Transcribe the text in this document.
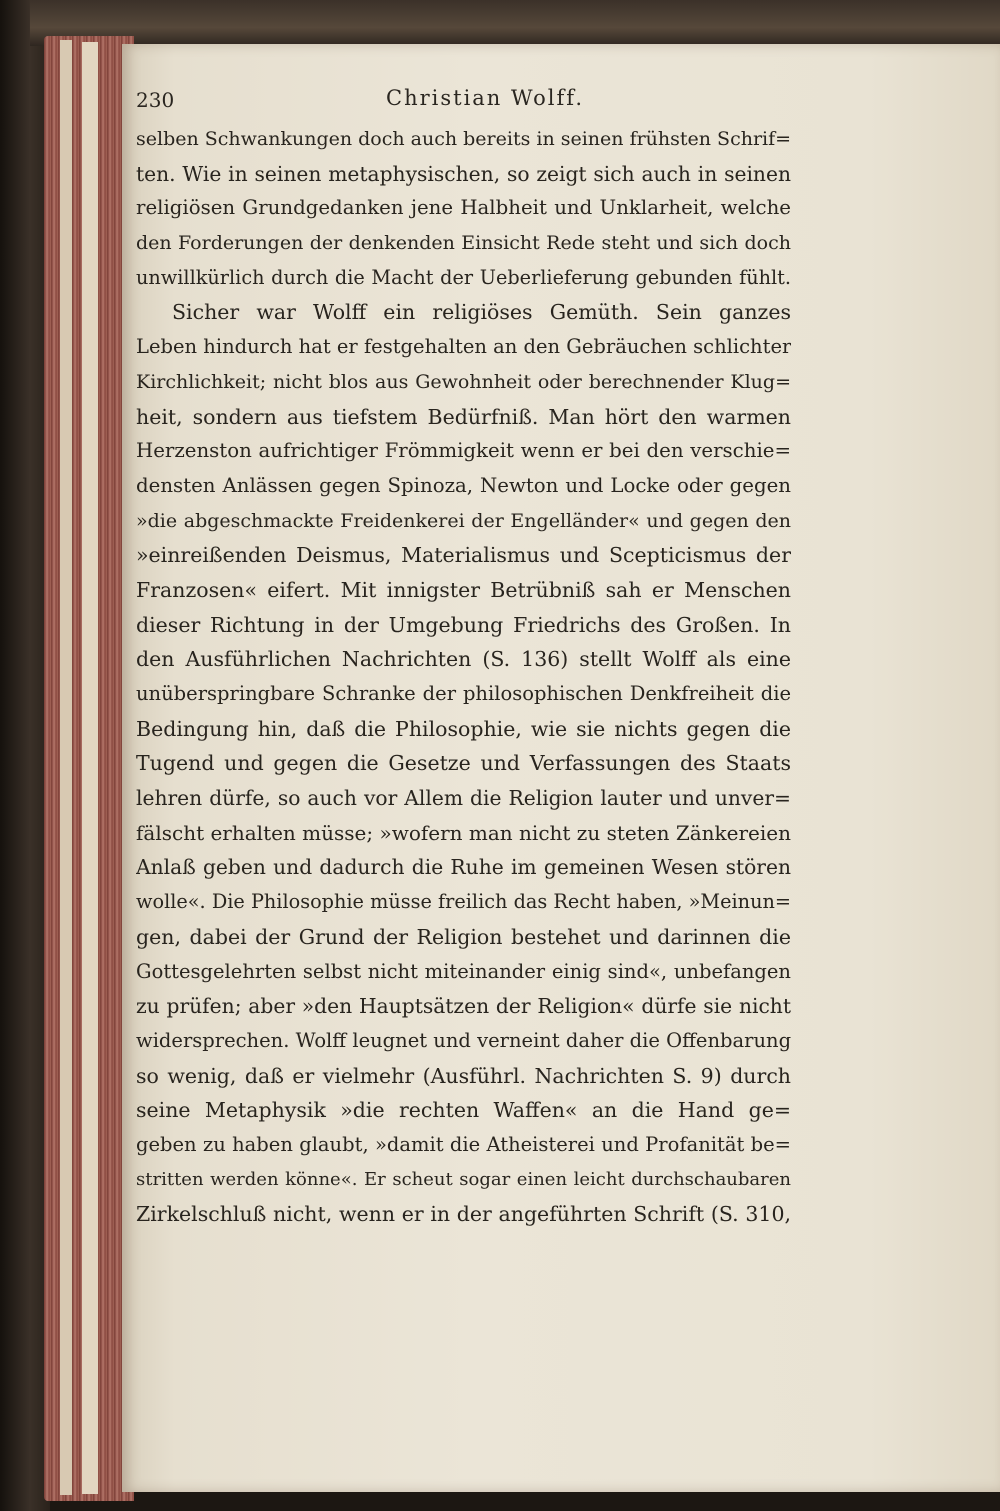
230	Christian Wolff.
selben Schwankungen doch auch bereits in seinen frühsten Schrif=
ten. Wie in seinen metaphysischen, so zeigt sich auch in seinen
religiösen Grundgedanken jene Halbheit und Unklarheit, welche
den Forderungen der denkenden Einsicht Rede steht und sich doch
unwillkürlich durch die Macht der Ueberlieferung gebunden fühlt.
Sicher war Wolff ein religiöses Gemüth. Sein ganzes
Leben hindurch hat er festgehalten an den Gebräuchen schlichter
Kirchlichkeit; nicht blos aus Gewohnheit oder berechnender Klug=
heit, sondern aus tiefstem Bedürfniß. Man hört den warmen
Herzenston aufrichtiger Frömmigkeit wenn er bei den verschie=
densten Anlässen gegen Spinoza, Newton und Locke oder gegen
»die abgeschmackte Freidenkerei der Engelländer« und gegen den
»einreißenden Deismus, Materialismus und Scepticismus der
Franzosen« eifert. Mit innigster Betrübniß sah er Menschen
dieser Richtung in der Umgebung Friedrichs des Großen. In
den Ausführlichen Nachrichten (S. 136) stellt Wolff als eine
unüberspringbare Schranke der philosophischen Denkfreiheit die
Bedingung hin, daß die Philosophie, wie sie nichts gegen die
Tugend und gegen die Gesetze und Verfassungen des Staats
lehren dürfe, so auch vor Allem die Religion lauter und unver=
fälscht erhalten müsse; »wofern man nicht zu steten Zänkereien
Anlaß geben und dadurch die Ruhe im gemeinen Wesen stören
wolle«. Die Philosophie müsse freilich das Recht haben, »Meinun=
gen, dabei der Grund der Religion bestehet und darinnen die
Gottesgelehrten selbst nicht miteinander einig sind«, unbefangen
zu prüfen; aber »den Hauptsätzen der Religion« dürfe sie nicht
widersprechen. Wolff leugnet und verneint daher die Offenbarung
so wenig, daß er vielmehr (Ausführl. Nachrichten S. 9) durch
seine Metaphysik »die rechten Waffen« an die Hand ge=
geben zu haben glaubt, »damit die Atheisterei und Profanität be=
stritten werden könne«. Er scheut sogar einen leicht durchschaubaren
Zirkelschluß nicht, wenn er in der angeführten Schrift (S. 310,
